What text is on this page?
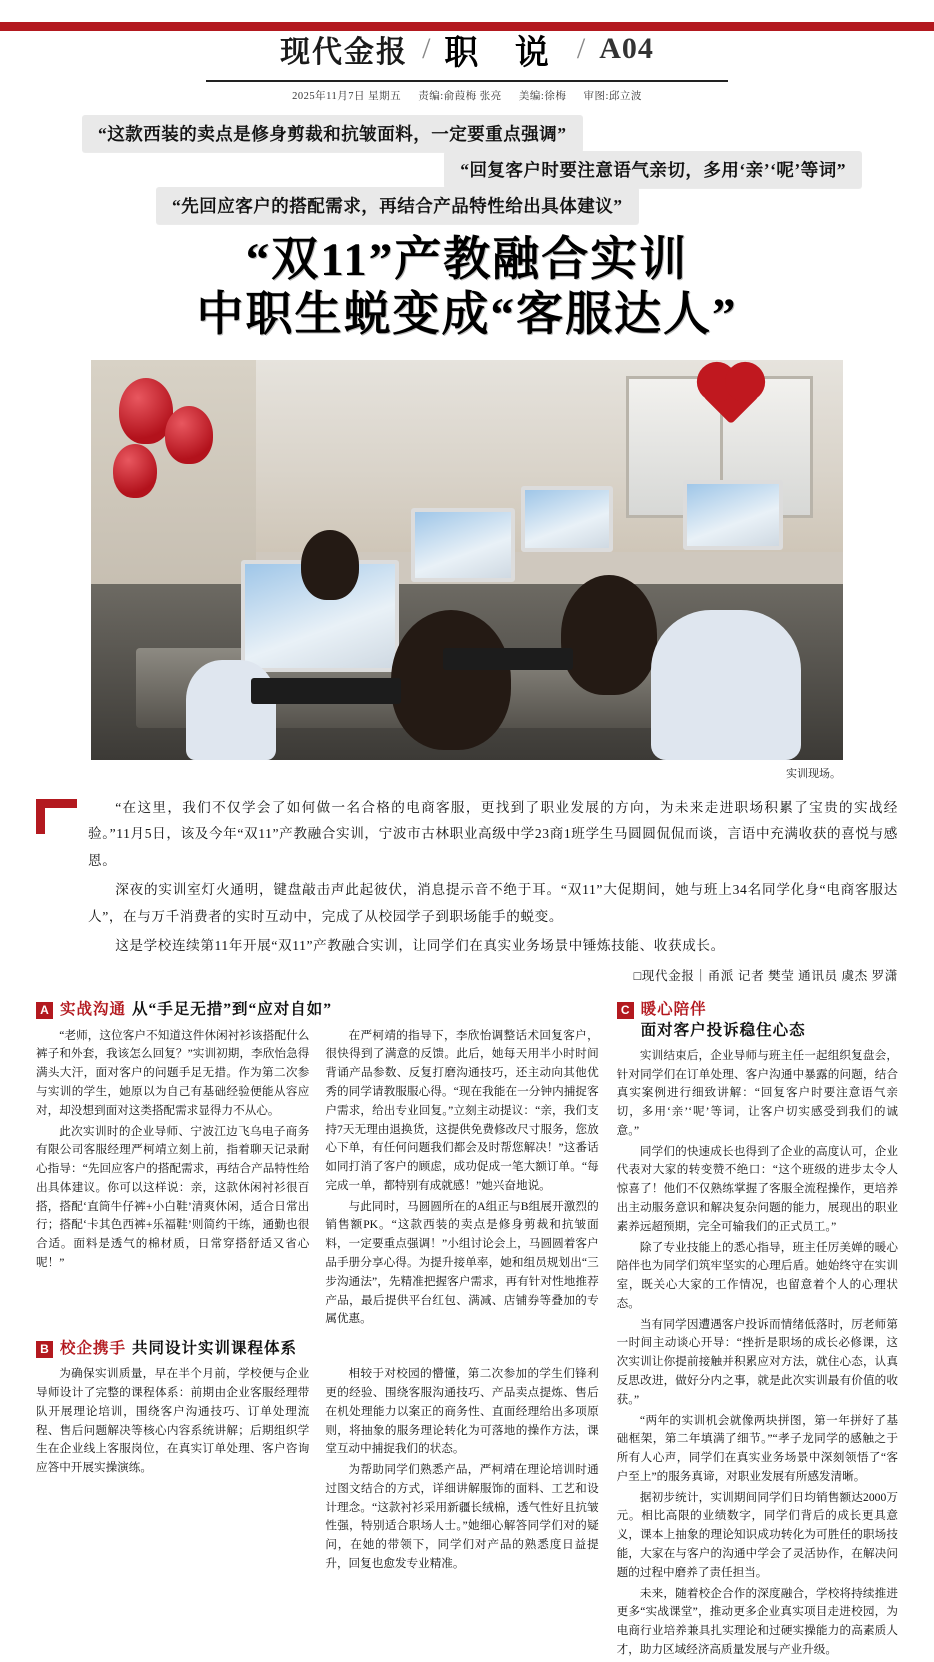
现代金报 / 职 说 / A04
2025年11月7日 星期五 责编:俞葭梅 张亮 美编:徐梅 审图:邱立波
“这款西装的卖点是修身剪裁和抗皱面料，一定要重点强调”
“回复客户时要注意语气亲切，多用‘亲’‘呢’等词”
“先回应客户的搭配需求，再结合产品特性给出具体建议”
“双11”产教融合实训
中职生蜕变成“客服达人”
实训现场。

“在这里，我们不仅学会了如何做一名合格的电商客服，更找到了职业发展的方向，为未来走进职场积累了宝贵的实战经验。”11月5日，该及今年“双11”产教融合实训，宁波市古林职业高级中学23商1班学生马圆圆侃侃而谈，言语中充满收获的喜悦与感恩。

深夜的实训室灯火通明，键盘敲击声此起彼伏，消息提示音不绝于耳。“双11”大促期间，她与班上34名同学化身“电商客服达人”，在与万千消费者的实时互动中，完成了从校园学子到职场能手的蜕变。

这是学校连续第11年开展“双11”产教融合实训，让同学们在真实业务场景中锤炼技能、收获成长。

□现代金报｜甬派 记者 樊莹 通讯员 虞杰 罗潇
A 实战沟通 从“手足无措”到“应对自如”

“老师，这位客户不知道这件休闲衬衫该搭配什么裤子和外套，我该怎么回复？”实训初期，李欣怡急得满头大汗，面对客户的问题手足无措。作为第二次参与实训的学生，她原以为自己有基础经验便能从容应对，却没想到面对这类搭配需求显得力不从心。

此次实训时的企业导师、宁波江边飞乌电子商务有限公司客服经理严柯靖立刻上前，指着聊天记录耐心指导：“先回应客户的搭配需求，再结合产品特性给出具体建议。你可以这样说：亲，这款休闲衬衫很百搭，搭配‘直筒牛仔裤+小白鞋’清爽休闲，适合日常出行；搭配‘卡其色西裤+乐福鞋’则简约干练，通勤也很合适。面料是透气的棉材质，日常穿搭舒适又省心呢！”

在严柯靖的指导下，李欣怡调整话术回复客户，很快得到了满意的反馈。此后，她每天用半小时时间背诵产品参数、反复打磨沟通技巧，还主动向其他优秀的同学请教服服心得。“现在我能在一分钟内捕捉客户需求，给出专业回复。”立刻主动提议：“亲，我们支持7天无理由退换货，这提供免费修改尺寸服务，您放心下单，有任何问题我们都会及时帮您解决！”这番话如同打消了客户的顾虑，成功促成一笔大额订单。“每完成一单，都特别有成就感！”她兴奋地说。

与此同时，马圆圆所在的A组正与B组展开激烈的销售额PK。“这款西装的卖点是修身剪裁和抗皱面料，一定要重点强调！”小组讨论会上，马圆圆着客户品手册分享心得。为提升接单率，她和组员规划出“三步沟通法”，先精准把握客户需求，再有针对性地推荐产品，最后提供平台红包、满减、店铺券等叠加的专属优惠。

B 校企携手 共同设计实训课程体系

为确保实训质量，早在半个月前，学校便与企业导师设计了完整的课程体系：前期由企业客服经理带队开展理论培训，围绕客户沟通技巧、订单处理流程、售后问题解决等核心内容系统讲解；后期组织学生在企业线上客服岗位，在真实订单处理、客户咨询应答中开展实操演练。

相较于对校园的懵懂，第二次参加的学生们锋利更的经验、围绕客服沟通技巧、产品卖点提炼、售后在机处理能力以案正的商务性、直面经理给出多项原则，将抽象的服务理论转化为可落地的操作方法，课堂互动中捕捉我们的状态。

为帮助同学们熟悉产品，严柯靖在理论培训时通过图文结合的方式，详细讲解服饰的面料、工艺和设计理念。“这款衬衫采用新疆长绒棉，透气性好且抗皱性强，特别适合职场人士。”她细心解答同学们对的疑问，在她的带领下，同学们对产品的熟悉度日益提升，回复也愈发专业精准。

C 暖心陪伴
面对客户投诉稳住心态

实训结束后，企业导师与班主任一起组织复盘会，针对同学们在订单处理、客户沟通中暴露的问题，结合真实案例进行细致讲解：“回复客户时要注意语气亲切，多用‘亲’‘呢’等词，让客户切实感受到我们的诚意。”

同学们的快速成长也得到了企业的高度认可，企业代表对大家的转变赞不绝口：“这个班级的进步太令人惊喜了！他们不仅熟练掌握了客服全流程操作，更培养出主动服务意识和解决复杂问题的能力，展现出的职业素养远超预期，完全可输我们的正式员工。”

除了专业技能上的悉心指导，班主任厉美婵的暖心陪伴也为同学们筑牢坚实的心理后盾。她始终守在实训室，既关心大家的工作情况，也留意着个人的心理状态。

当有同学因遭遇客户投诉而情绪低落时，厉老师第一时间主动谈心开导：“挫折是职场的成长必修课，这次实训让你提前接触并积累应对方法，就住心态，认真反思改进，做好分内之事，就是此次实训最有价值的收获。”

“两年的实训机会就像两块拼图，第一年拼好了基础框架，第二年填满了细节。”“孝子龙同学的感触之于所有人心声，同学们在真实业务场景中深刻领悟了“客户至上”的服务真谛，对职业发展有所感发清晰。

据初步统计，实训期间同学们日均销售额达2000万元。相比高限的业绩数字，同学们背后的成长更具意义，课本上抽象的理论知识成功转化为可胜任的职场技能，大家在与客户的沟通中学会了灵活协作，在解决问题的过程中磨养了责任担当。

未来，随着校企合作的深度融合，学校将持续推进更多“实战课堂”，推动更多企业真实项目走进校园，为电商行业培养兼具扎实理论和过硬实操能力的高素质人才，助力区域经济高质量发展与产业升级。
